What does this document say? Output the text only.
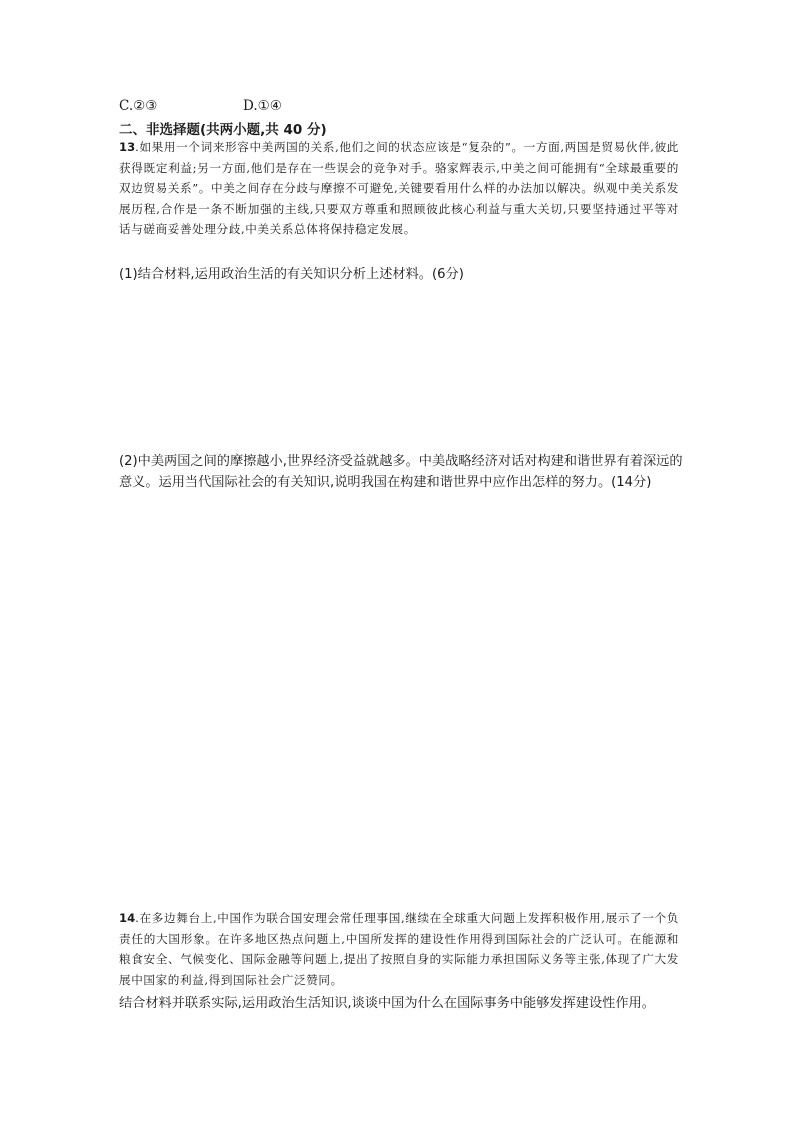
C.②③	D.①④
二、非选择题(共两小题,共 40 分)
13.如果用一个词来形容中美两国的关系,他们之间的状态应该是“复杂的”。一方面,两国是贸易伙伴,彼此获得既定利益;另一方面,他们是存在一些误会的竞争对手。骆家辉表示,中美之间可能拥有“全球最重要的双边贸易关系”。中美之间存在分歧与摩擦不可避免,关键要看用什么样的办法加以解决。纵观中美关系发展历程,合作是一条不断加强的主线,只要双方尊重和照顾彼此核心利益与重大关切,只要坚持通过平等对话与磋商妥善处理分歧,中美关系总体将保持稳定发展。
(1)结合材料,运用政治生活的有关知识分析上述材料。(6分)
(2)中美两国之间的摩擦越小,世界经济受益就越多。中美战略经济对话对构建和谐世界有着深远的意义。运用当代国际社会的有关知识,说明我国在构建和谐世界中应作出怎样的努力。(14分)
14.在多边舞台上,中国作为联合国安理会常任理事国,继续在全球重大问题上发挥积极作用,展示了一个负责任的大国形象。在许多地区热点问题上,中国所发挥的建设性作用得到国际社会的广泛认可。在能源和粮食安全、气候变化、国际金融等问题上,提出了按照自身的实际能力承担国际义务等主张,体现了广大发展中国家的利益,得到国际社会广泛赞同。
结合材料并联系实际,运用政治生活知识,谈谈中国为什么在国际事务中能够发挥建设性作用。
